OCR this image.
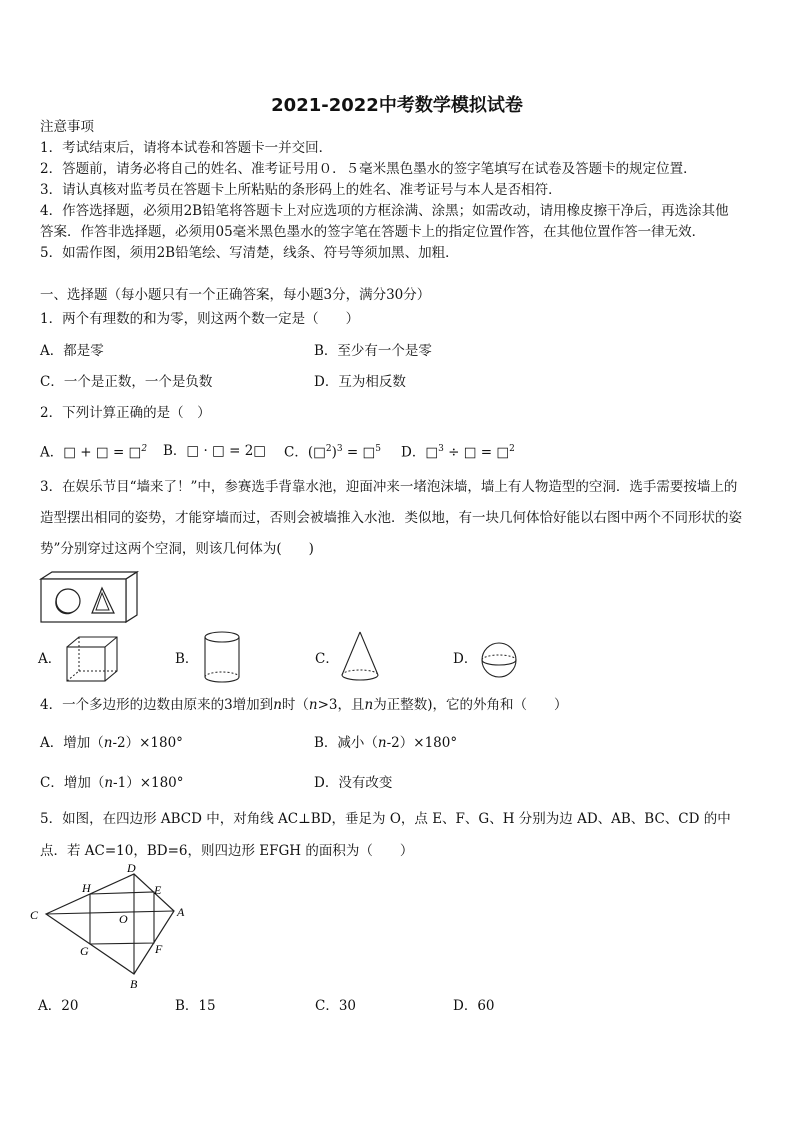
2021-2022中考数学模拟试卷
注意事项
1．考试结束后，请将本试卷和答题卡一并交回．
2．答题前，请务必将自己的姓名、准考证号用０．５毫米黑色墨水的签字笔填写在试卷及答题卡的规定位置．
3．请认真核对监考员在答题卡上所粘贴的条形码上的姓名、准考证号与本人是否相符．
4．作答选择题，必须用2B铅笔将答题卡上对应选项的方框涂满、涂黑；如需改动，请用橡皮擦干净后，再选涂其他
答案．作答非选择题，必须用05毫米黑色墨水的签字笔在答题卡上的指定位置作答，在其他位置作答一律无效．
5．如需作图，须用2B铅笔绘、写清楚，线条、符号等须加黑、加粗．
一、选择题（每小题只有一个正确答案，每小题3分，满分30分）
1．两个有理数的和为零，则这两个数一定是（　　）
A．都是零	B．至少有一个是零
C．一个是正数，一个是负数	D．互为相反数
2．下列计算正确的是（　）
A．□ + □ = □$^2$ B．□ · □ = 2□ C．(□$^2$)$^3$ = □$^5$ D．□$^3$ ÷ □ = □$^2$
3．在娱乐节目“墙来了！”中，参赛选手背靠水池，迎面冲来一堵泡沫墙，墙上有人物造型的空洞．选手需要按墙上的
造型摆出相同的姿势，才能穿墙而过，否则会被墙推入水池．类似地，有一块几何体恰好能以右图中两个不同形状的姿
势”分别穿过这两个空洞，则该几何体为(　　)
A．	B．	C．	D．
4．一个多边形的边数由原来的3增加到n时（n>3，且n为正整数)，它的外角和（　　）
A．增加（n-2）×180°	B．减小（n-2）×180°
C．增加（n-1）×180°	D．没有改变
5．如图，在四边形 ABCD 中，对角线 AC⊥BD，垂足为 O，点 E、F、G、H 分别为边 AD、AB、BC、CD 的中
点．若 AC=10，BD=6，则四边形 EFGH 的面积为（　　）
C
D
E
A
H
O
G	F
B
A．20	B．15	C．30	D．60
